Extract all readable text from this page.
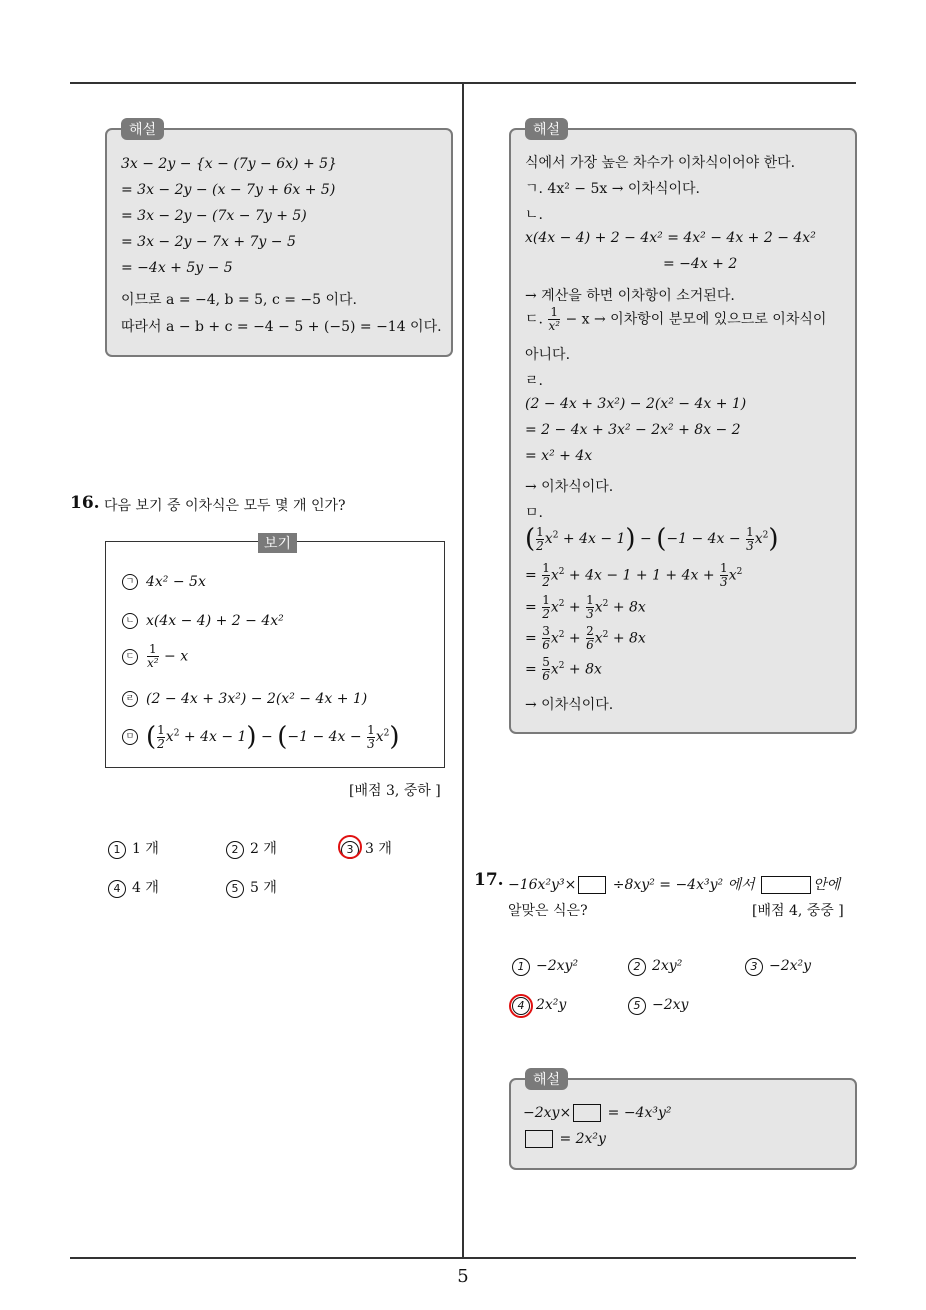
5
해설
3x − 2y − {x − (7y − 6x) + 5}
= 3x − 2y − (x − 7y + 6x + 5)
= 3x − 2y − (7x − 7y + 5)
= 3x − 2y − 7x + 7y − 5
= −4x + 5y − 5
이므로 a = −4, b = 5, c = −5 이다.
따라서 a − b + c = −4 − 5 + (−5) = −14 이다.
16. 다음 보기 중 이차식은 모두 몇 개 인가?
보기
ㄱ 4x² − 5x
ㄴ x(4x − 4) + 2 − 4x²
ㄷ $\frac{1}{\text{x²}} - x$
ㄹ (2 − 4x + 3x²) − 2(x² − 4x + 1)
ㅁ ( $\frac{1}{2} x^2 + 4x - 1) - (-1 - 4x - \frac{1}{3} x^2)$
[배점 3, 중하 ]
1 1 개	2 2 개	3 3 개
4 4 개	5 5 개
해설
식에서 가장 높은 차수가 이차식이어야 한다.
ㄱ. 4x² − 5x → 이차식이다.
ㄴ.
x(4x − 4) + 2 − 4x² = 4x² − 4x + 2 − 4x²
= −4x + 2
→ 계산을 하면 이차항이 소거된다.
ㄷ. $\frac{1}{\text{x²}} - x$ → 이차항이 분모에 있으므로 이차식이
아니다.
ㄹ.
(2 − 4x + 3x²) − 2(x² − 4x + 1)
= 2 − 4x + 3x² − 2x² + 8x − 2
= x² + 4x
→ 이차식이다.
ㅁ.
( $\frac{1}{2} x^2 + 4x - 1) - (-1 - 4x - \frac{1}{3} x^2)$
= $\frac{1}{2} x^2 + 4x - 1 + 1 + 4x + \frac{1}{3} x^2$
= $\frac{1}{2} x^2 + \frac{1}{3} x^2 + 8x$
= $\frac{3}{6} x^2 + \frac{2}{6} x^2 + 8x$
= $\frac{5}{6} x^2 + 8x$
→ 이차식이다.
17. −16x²y³×	÷8xy² = −4x³y² 에서	안에
알맞은 식은?	[배점 4, 중중 ]
1 −2xy²	2 2xy²	3 −2x²y
4 2x²y	5 −2xy
해설
−2xy×	= −4x³y²
= 2x²y
